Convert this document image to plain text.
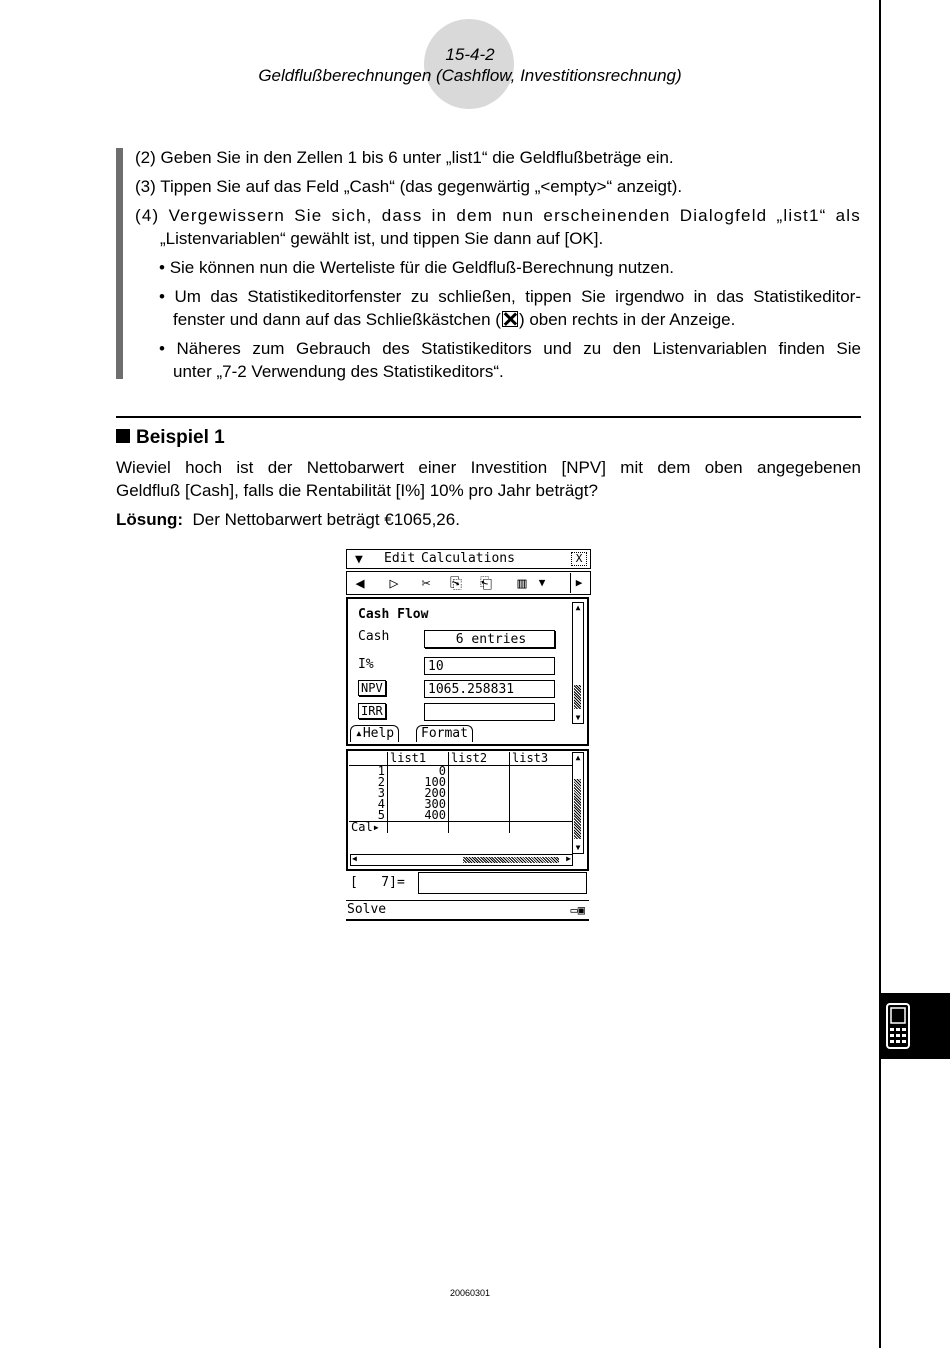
15-4-2
Geldflußberechnungen (Cashflow, Investitionsrechnung)
(2) Geben Sie in den Zellen 1 bis 6 unter „list1“ die Geldflußbeträge ein.
(3) Tippen Sie auf das Feld „Cash“ (das gegenwärtig „<empty>“ anzeigt).
(4) Vergewissern Sie sich, dass in dem nun erscheinenden Dialogfeld „list1“ als
„Listenvariablen“ gewählt ist, und tippen Sie dann auf [OK].
• Sie können nun die Werteliste für die Geldfluß-Berechnung nutzen.
• Um das Statistikeditorfenster zu schließen, tippen Sie irgendwo in das Statistikeditor-
fenster und dann auf das Schließkästchen ( ) oben rechts in der Anzeige.
• Näheres zum Gebrauch des Statistikeditors und zu den Listenvariablen finden Sie
unter „7-2 Verwendung des Statistikeditors“.
Beispiel 1
Wieviel hoch ist der Nettobarwert einer Investition [NPV] mit dem oben angegebenen
Geldfluß [Cash], falls die Rentabilität [I%] 10% pro Jahr beträgt?
Lösung: Der Nettobarwert beträgt €1065,26.
▼ Edit Calculations	X
◀	▷	✂	⎘	⎗	▥	▼	▶
Cash Flow
Cash	6 entries
I%	10
NPV	1065.258831
IRR
▲
▼
▴Help	Format
	list1	list2	list3
1	0		
2	100		
3	200		
4	300		
5	400		
Cal▸			
▲
▼
◀	▶
[   7]=
Solve	▭▣
20060301
